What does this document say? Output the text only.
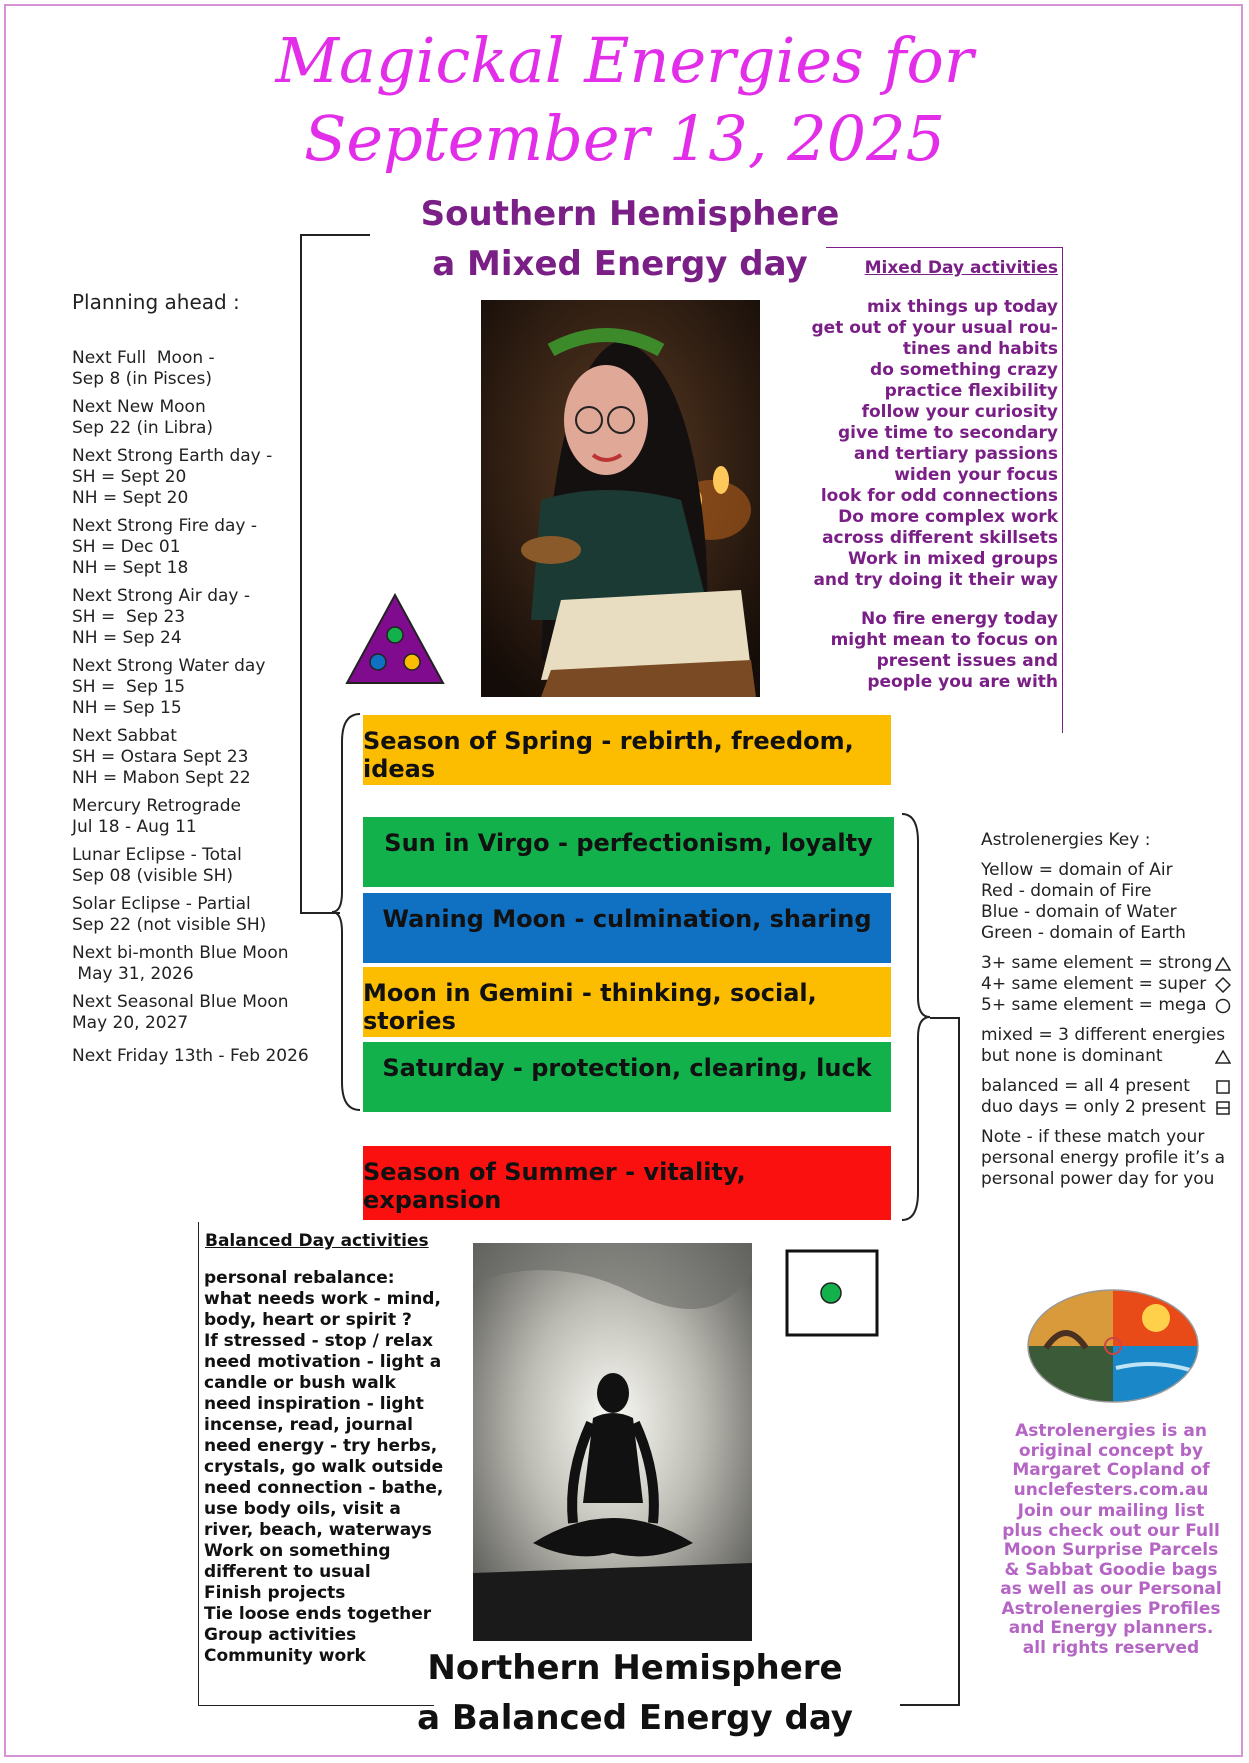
Magickal Energies for
September 13, 2025
Southern Hemisphere
a Mixed Energy day
Planning ahead :
Next Full  Moon -
Sep 8 (in Pisces)
Next New Moon
Sep 22 (in Libra)
Next Strong Earth day -
SH = Sept 20
NH = Sept 20
Next Strong Fire day -
SH = Dec 01
NH = Sept 18
Next Strong Air day -
SH =  Sep 23
NH = Sep 24
Next Strong Water day
SH =  Sep 15
NH = Sep 15
Next Sabbat
SH = Ostara Sept 23
NH = Mabon Sept 22
Mercury Retrograde
Jul 18 - Aug 11
Lunar Eclipse - Total
Sep 08 (visible SH)
Solar Eclipse - Partial
Sep 22 (not visible SH)
Next bi-month Blue Moon
May 31, 2026
Next Seasonal Blue Moon
May 20, 2027
Next Friday 13th - Feb 2026
Mixed Day activities
mix things up today
get out of your usual rou-
tines and habits
do something crazy
practice flexibility
follow your curiosity
give time to secondary
and tertiary passions
widen your focus
look for odd connections
Do more complex work
across different skillsets
Work in mixed groups
and try doing it their way
No fire energy today
might mean to focus on
present issues and
people you are with
Season of Spring - rebirth, freedom, ideas
Sun in Virgo - perfectionism, loyalty
Waning Moon - culmination, sharing
Moon in Gemini - thinking, social, stories
Saturday - protection, clearing, luck
Season of Summer - vitality, expansion
Astrolenergies Key :
Yellow = domain of Air
Red - domain of Fire
Blue - domain of Water
Green - domain of Earth
3+ same element = strong
4+ same element = super
5+ same element = mega
mixed = 3 different energies
but none is dominant
balanced = all 4 present
duo days = only 2 present
Note - if these match your
personal energy profile it’s a
personal power day for you
Balanced Day activities
personal rebalance:
what needs work - mind,
body, heart or spirit ?
If stressed - stop / relax
need motivation - light a
candle or bush walk
need inspiration - light
incense, read, journal
need energy - try herbs,
crystals, go walk outside
need connection - bathe,
use body oils, visit a
river, beach, waterways
Work on something
different to usual
Finish projects
Tie loose ends together
Group activities
Community work	Northern Hemisphere
a Balanced Energy day
Astrolenergies is an
original concept by
Margaret Copland of
unclefesters.com.au
Join our mailing list
plus check out our Full
Moon Surprise Parcels
& Sabbat Goodie bags
as well as our Personal
Astrolenergies Profiles
and Energy planners.
all rights reserved
